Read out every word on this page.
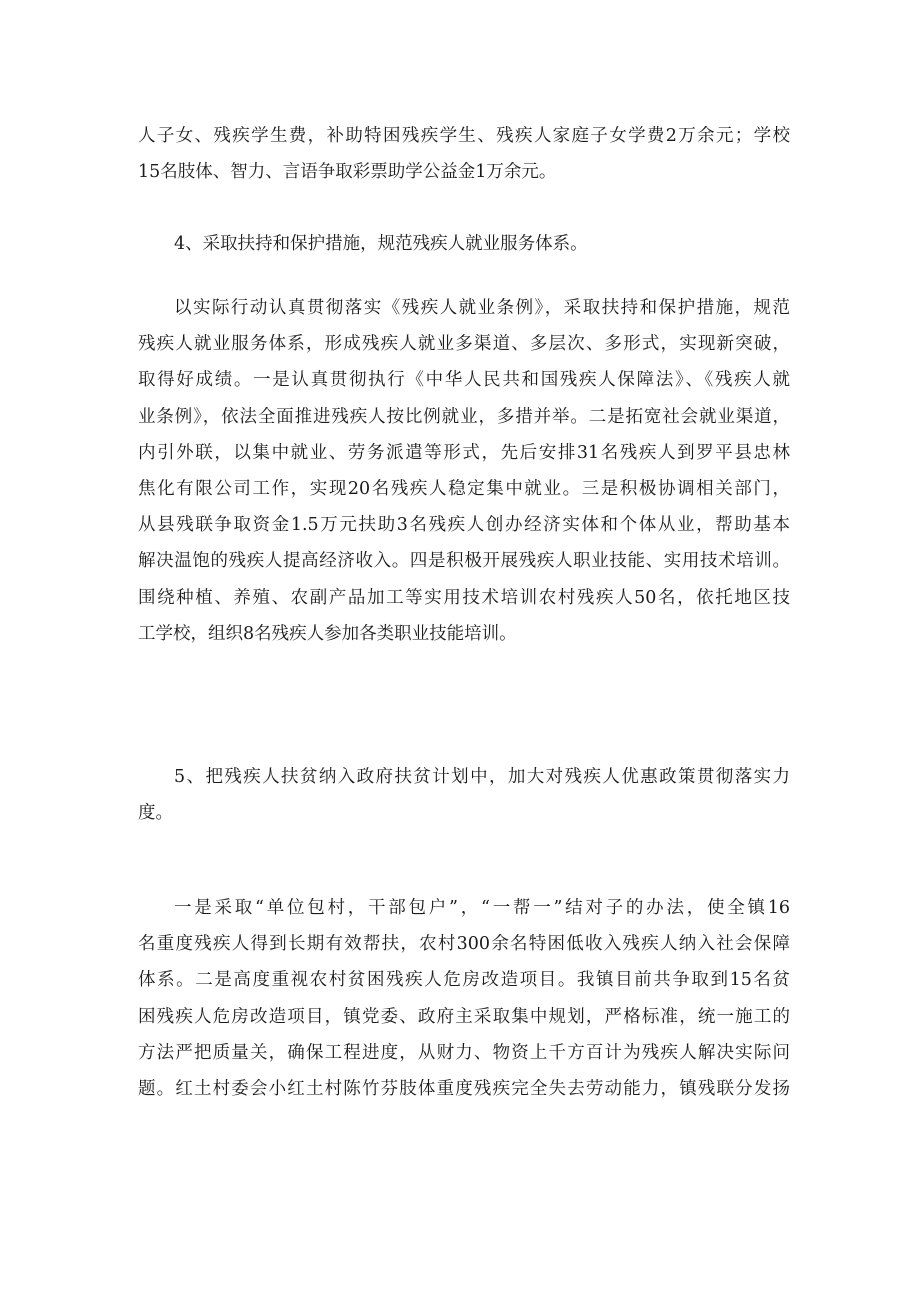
人子女、残疾学生费，补助特困残疾学生、残疾人家庭子女学费2万余元；学校
15名肢体、智力、言语争取彩票助学公益金1万余元。
4、采取扶持和保护措施，规范残疾人就业服务体系。
以实际行动认真贯彻落实《残疾人就业条例》，采取扶持和保护措施，规范
残疾人就业服务体系，形成残疾人就业多渠道、多层次、多形式，实现新突破，
取得好成绩。一是认真贯彻执行《中华人民共和国残疾人保障法》、《残疾人就
业条例》，依法全面推进残疾人按比例就业，多措并举。二是拓宽社会就业渠道，
内引外联，以集中就业、劳务派遣等形式，先后安排31名残疾人到罗平县忠林
焦化有限公司工作，实现20名残疾人稳定集中就业。三是积极协调相关部门，
从县残联争取资金1.5万元扶助3名残疾人创办经济实体和个体从业，帮助基本
解决温饱的残疾人提高经济收入。四是积极开展残疾人职业技能、实用技术培训。
围绕种植、养殖、农副产品加工等实用技术培训农村残疾人50名，依托地区技
工学校，组织8名残疾人参加各类职业技能培训。
5、把残疾人扶贫纳入政府扶贫计划中，加大对残疾人优惠政策贯彻落实力
度。
一是采取“单位包村，干部包户”，“一帮一”结对子的办法，使全镇16
名重度残疾人得到长期有效帮扶，农村300余名特困低收入残疾人纳入社会保障
体系。二是高度重视农村贫困残疾人危房改造项目。我镇目前共争取到15名贫
困残疾人危房改造项目，镇党委、政府主采取集中规划，严格标准，统一施工的
方法严把质量关，确保工程进度，从财力、物资上千方百计为残疾人解决实际问
题。红土村委会小红土村陈竹芬肢体重度残疾完全失去劳动能力，镇残联分发扬
